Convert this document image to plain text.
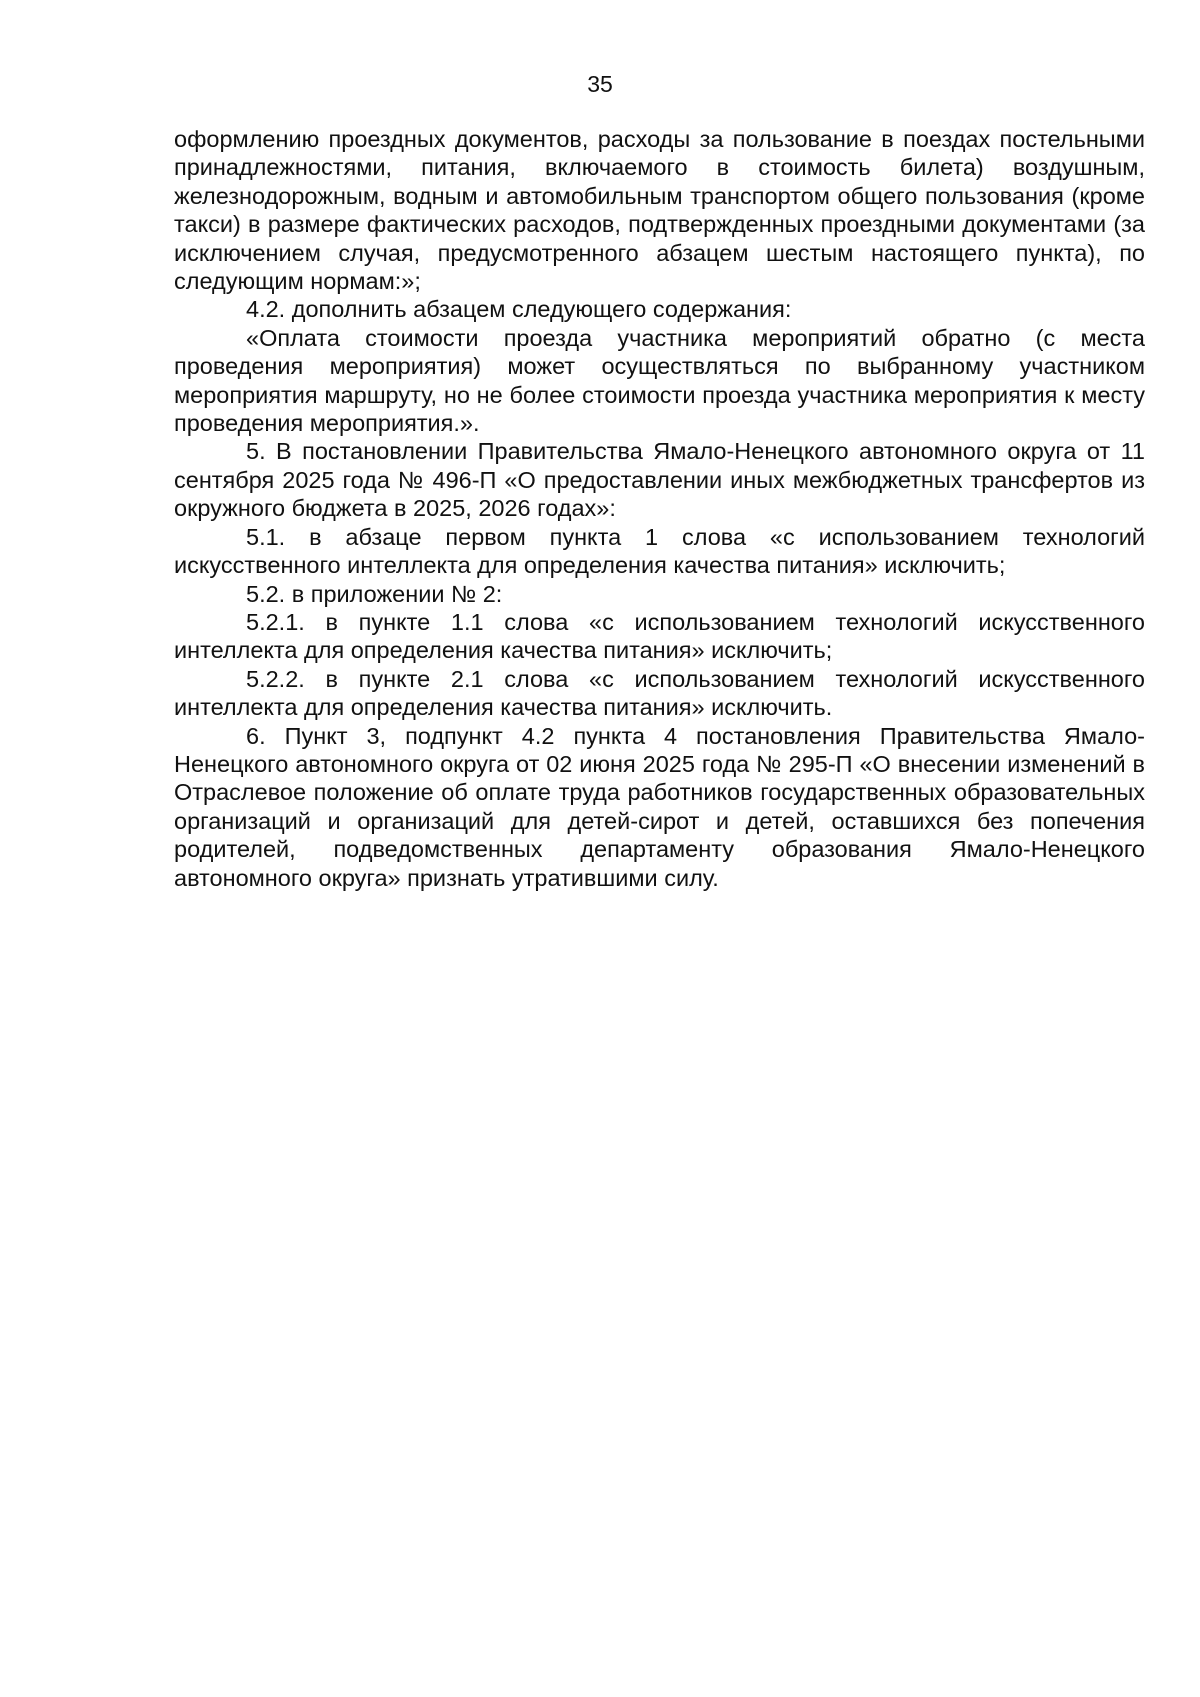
35

оформлению проездных документов, расходы за пользование в поездах постельными принадлежностями, питания, включаемого в стоимость билета) воздушным, железнодорожным, водным и автомобильным транспортом общего пользования (кроме такси) в размере фактических расходов, подтвержденных проездными документами (за исключением случая, предусмотренного абзацем шестым настоящего пункта), по следующим нормам:»;

4.2. дополнить абзацем следующего содержания:

«Оплата стоимости проезда участника мероприятий обратно (с места проведения мероприятия) может осуществляться по выбранному участником мероприятия маршруту, но не более стоимости проезда участника мероприятия к месту проведения мероприятия.».

5. В постановлении Правительства Ямало-Ненецкого автономного округа от 11 сентября 2025 года № 496-П «О предоставлении иных межбюджетных трансфертов из окружного бюджета в 2025, 2026 годах»:

5.1. в абзаце первом пункта 1 слова «с использованием технологий искусственного интеллекта для определения качества питания» исключить;

5.2. в приложении № 2:

5.2.1. в пункте 1.1 слова «с использованием технологий искусственного интеллекта для определения качества питания» исключить;

5.2.2. в пункте 2.1 слова «с использованием технологий искусственного интеллекта для определения качества питания» исключить.

6. Пункт 3, подпункт 4.2 пункта 4 постановления Правительства Ямало-Ненецкого автономного округа от 02 июня 2025 года № 295-П «О внесении изменений в Отраслевое положение об оплате труда работников государственных образовательных организаций и организаций для детей-сирот и детей, оставшихся без попечения родителей, подведомственных департаменту образования Ямало-Ненецкого автономного округа» признать утратившими силу.
